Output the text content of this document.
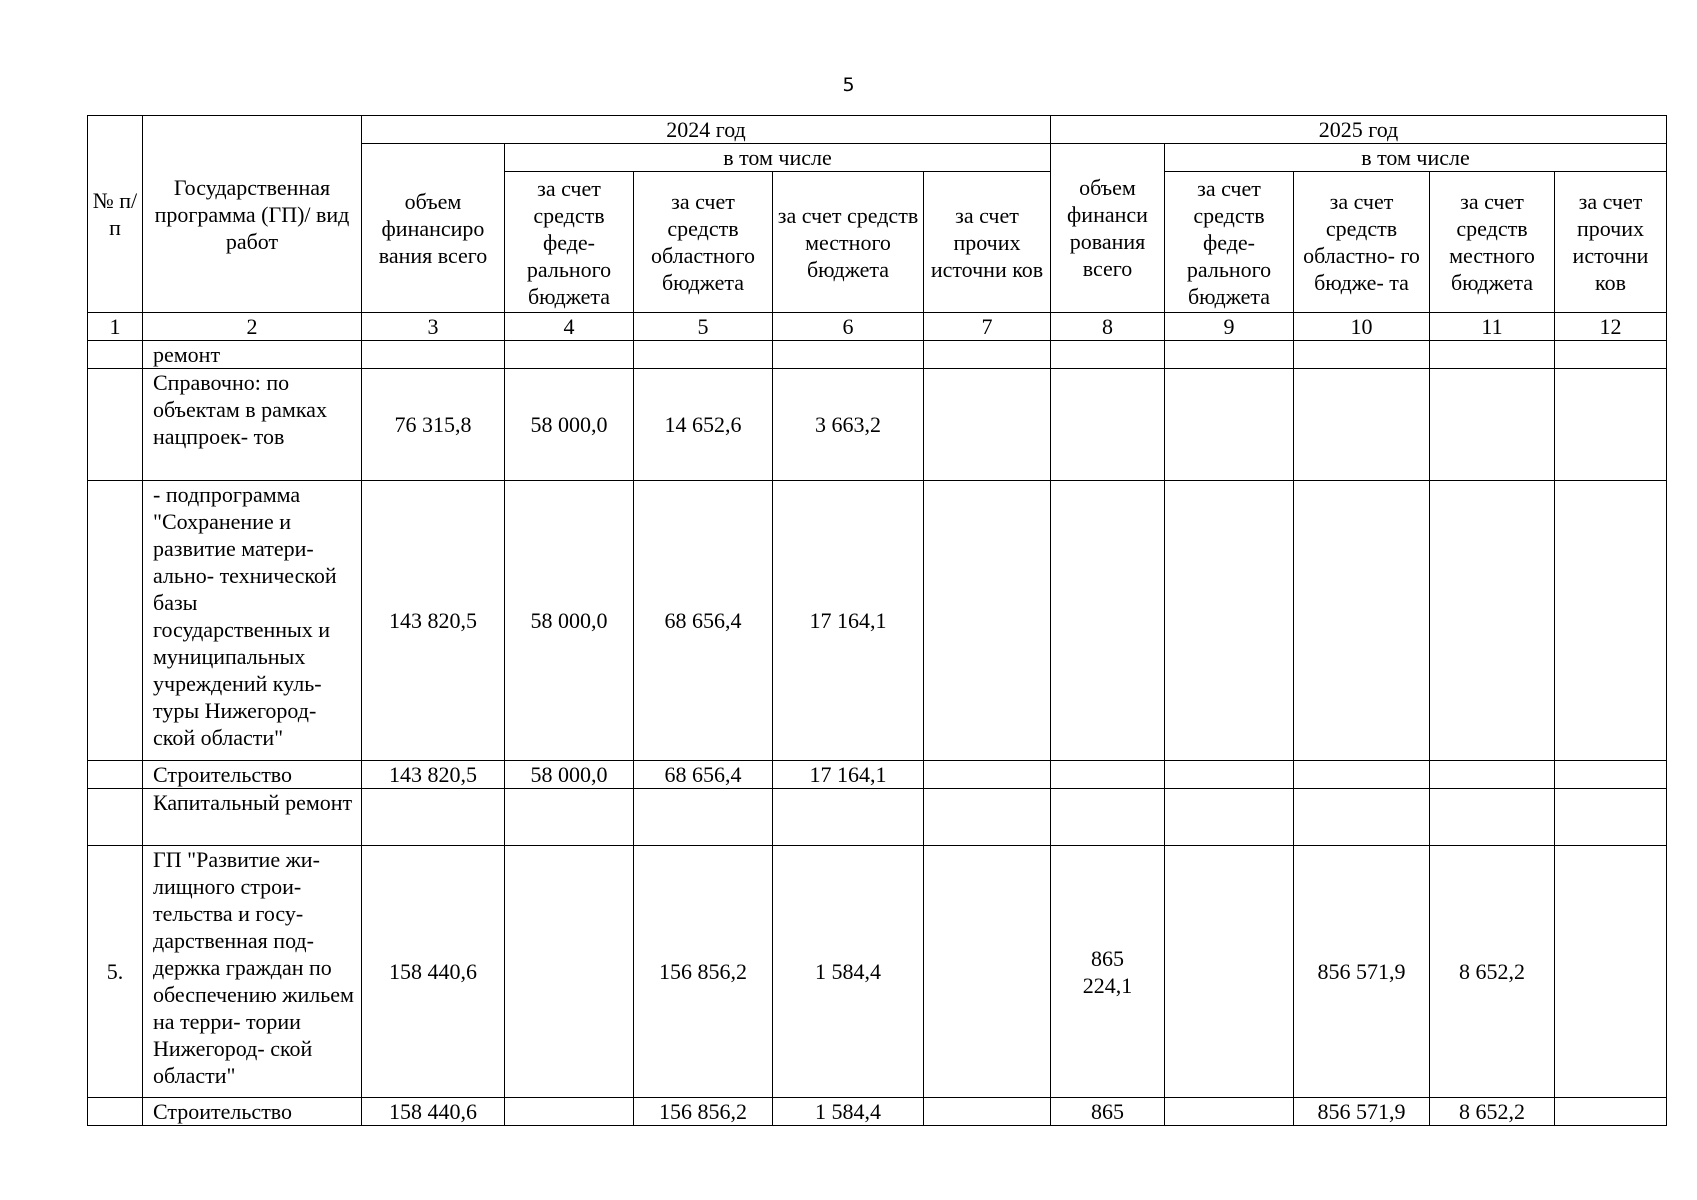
5
№ п/п	Государственная программа (ГП)/ вид работ	2024 год					2025 год				
		объем финансиро вания всего	в том числе				объем финанси рования всего	в том числе			
			за счет средств феде- рального бюджета	за счет средств областного бюджета	за счет средств местного бюджета	за счет прочих источни ков		за счет средств феде- рального бюджета	за счет средств областно- го бюдже- та	за счет средств местного бюджета	за счет прочих источни ков
1	2	3	4	5	6	7	8	9	10	11	12
	ремонт										
	Справочно: по объектам в рамках нацпроек- тов	76 315,8	58 000,0	14 652,6	3 663,2						
	- подпрограмма "Сохранение и развитие матери- ально- технической базы государственных и муниципальных учреждений куль- туры Нижегород- ской области"	143 820,5	58 000,0	68 656,4	17 164,1						
	Строительство	143 820,5	58 000,0	68 656,4	17 164,1						
	Капитальный ремонт										
5.	ГП "Развитие жи- лищного строи- тельства и госу- дарственная под- держка граждан по обеспечению жильем на терри- тории Нижегород- ской области"	158 440,6		156 856,2	1 584,4		865 224,1		856 571,9	8 652,2	
	Строительство	158 440,6		156 856,2	1 584,4		865		856 571,9	8 652,2	
